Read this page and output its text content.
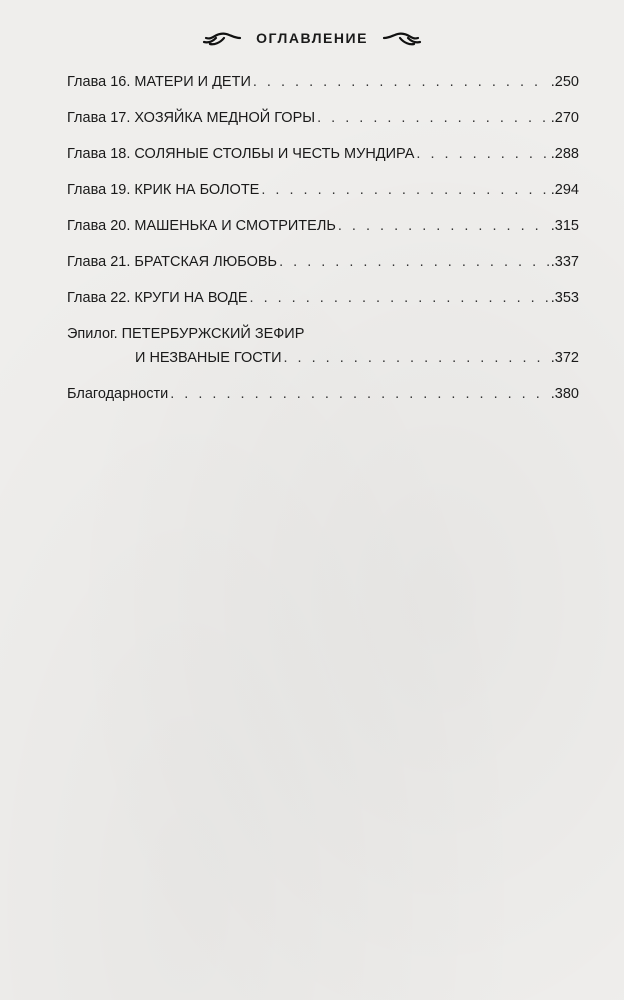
ОГЛАВЛЕНИЕ
Глава 16. МАТЕРИ И ДЕТИ . . .	.250
Глава 17. ХОЗЯЙКА МЕДНОЙ ГОРЫ . . .	.270
Глава 18. СОЛЯНЫЕ СТОЛБЫ И ЧЕСТЬ МУНДИРА . . .	.288
Глава 19. КРИК НА БОЛОТЕ . . .	.294
Глава 20. МАШЕНЬКА И СМОТРИТЕЛЬ . . .	.315
Глава 21. БРАТСКАЯ ЛЮБОВЬ . . .	.337
Глава 22. КРУГИ НА ВОДЕ . . .	.353
Эпилог. ПЕТЕРБУРЖСКИЙ ЗЕФИР
И НЕЗВАНЫЕ ГОСТИ . . .	.372
Благодарности . . .	.380
